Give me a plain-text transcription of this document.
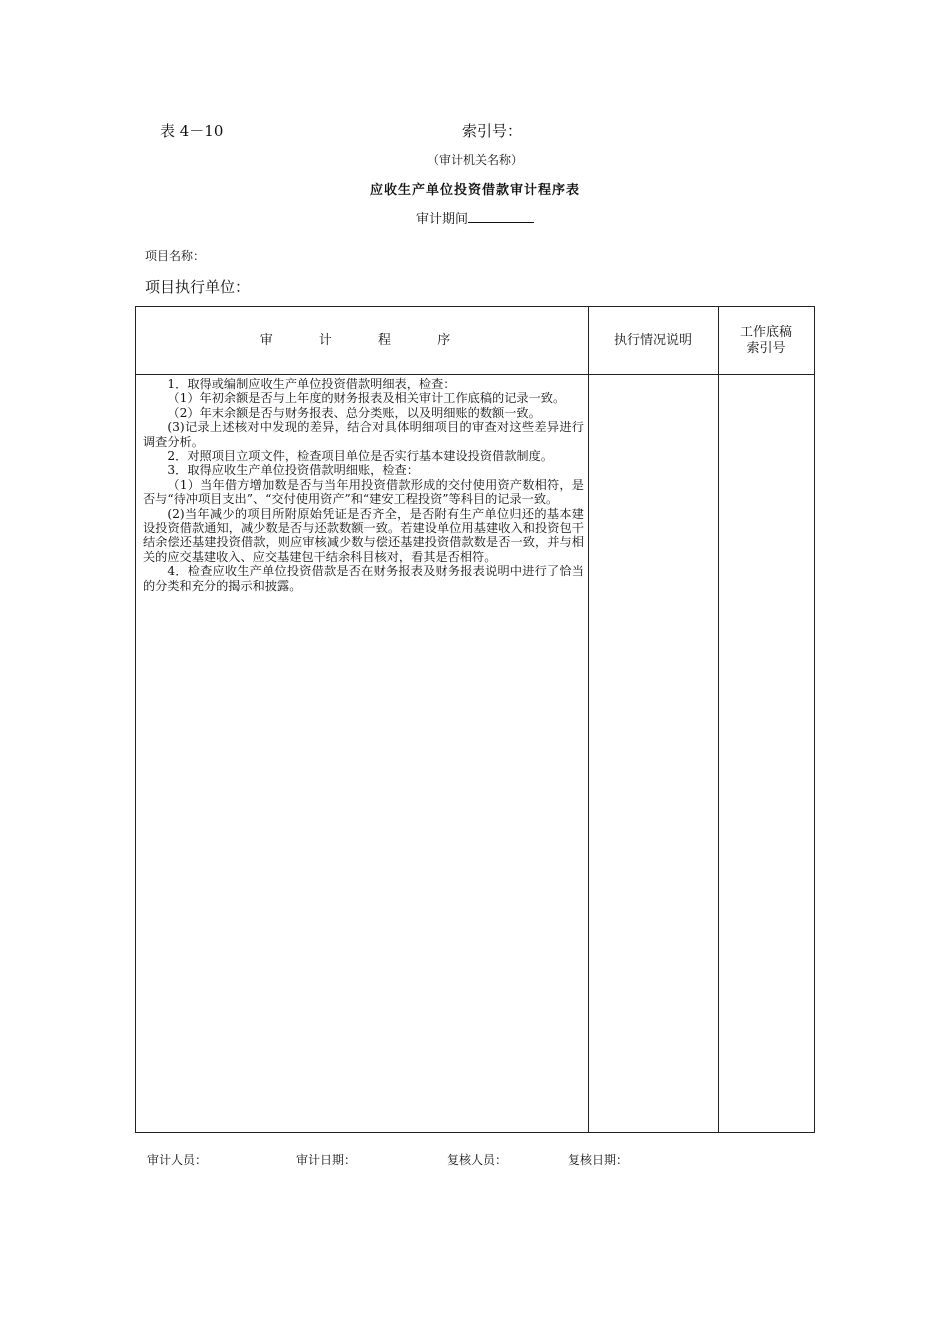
表 4－10	索引号：
（审计机关名称）
应收生产单位投资借款审计程序表
审计期间
项目名称：
项目执行单位：
审 计 程 序	执行情况说明
工作底稿
索引号

1．取得或编制应收生产单位投资借款明细表，检查：

（1）年初余额是否与上年度的财务报表及相关审计工作底稿的记录一致。

（2）年末余额是否与财务报表、总分类账，以及明细账的数额一致。

(3)记录上述核对中发现的差异，结合对具体明细项目的审查对这些差异进行调查分析。

2．对照项目立项文件，检查项目单位是否实行基本建设投资借款制度。

3．取得应收生产单位投资借款明细账，检查：

（1）当年借方增加数是否与当年用投资借款形成的交付使用资产数相符，是否与“待冲项目支出”、“交付使用资产”和“建安工程投资”等科目的记录一致。

(2)当年减少的项目所附原始凭证是否齐全，是否附有生产单位归还的基本建设投资借款通知，减少数是否与还款数额一致。若建设单位用基建收入和投资包干结余偿还基建投资借款，则应审核减少数与偿还基建投资借款数是否一致，并与相关的应交基建收入、应交基建包干结余科目核对，看其是否相符。

4．检查应收生产单位投资借款是否在财务报表及财务报表说明中进行了恰当的分类和充分的揭示和披露。

审计人员：	审计日期：	复核人员：	复核日期：
